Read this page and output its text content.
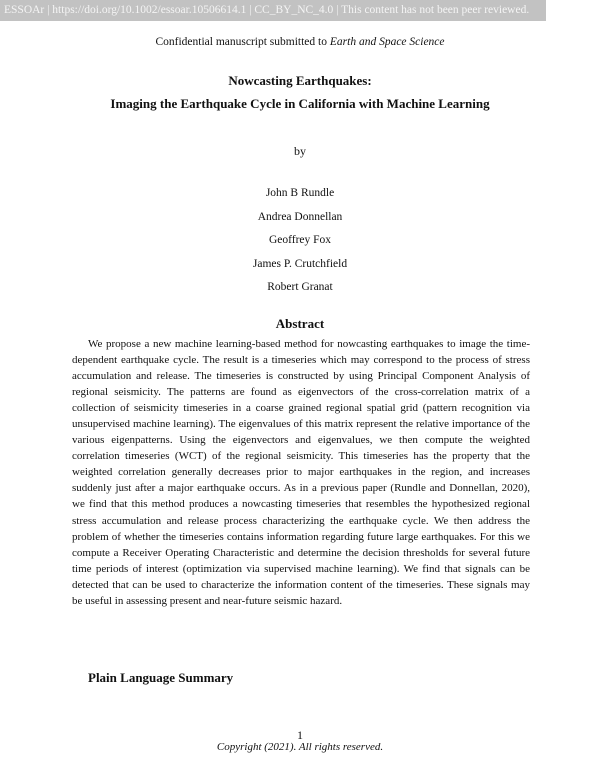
ESSOAr | https://doi.org/10.1002/essoar.10506614.1 | CC_BY_NC_4.0 | This content has not been peer reviewed.
Confidential manuscript submitted to Earth and Space Science
Nowcasting Earthquakes:
Imaging the Earthquake Cycle in California with Machine Learning
by
John B Rundle
Andrea Donnellan
Geoffrey Fox
James P. Crutchfield
Robert Granat
Abstract

We propose a new machine learning-based method for nowcasting earthquakes to image the time-dependent earthquake cycle. The result is a timeseries which may correspond to the process of stress accumulation and release. The timeseries is constructed by using Principal Component Analysis of regional seismicity. The patterns are found as eigenvectors of the cross-correlation matrix of a collection of seismicity timeseries in a coarse grained regional spatial grid (pattern recognition via unsupervised machine learning). The eigenvalues of this matrix represent the relative importance of the various eigenpatterns. Using the eigenvectors and eigenvalues, we then compute the weighted correlation timeseries (WCT) of the regional seismicity. This timeseries has the property that the weighted correlation generally decreases prior to major earthquakes in the region, and increases suddenly just after a major earthquake occurs. As in a previous paper (Rundle and Donnellan, 2020), we find that this method produces a nowcasting timeseries that resembles the hypothesized regional stress accumulation and release process characterizing the earthquake cycle. We then address the problem of whether the timeseries contains information regarding future large earthquakes. For this we compute a Receiver Operating Characteristic and determine the decision thresholds for several future time periods of interest (optimization via supervised machine learning). We find that signals can be detected that can be used to characterize the information content of the timeseries. These signals may be useful in assessing present and near-future seismic hazard.

Plain Language Summary
1
Copyright (2021). All rights reserved.
